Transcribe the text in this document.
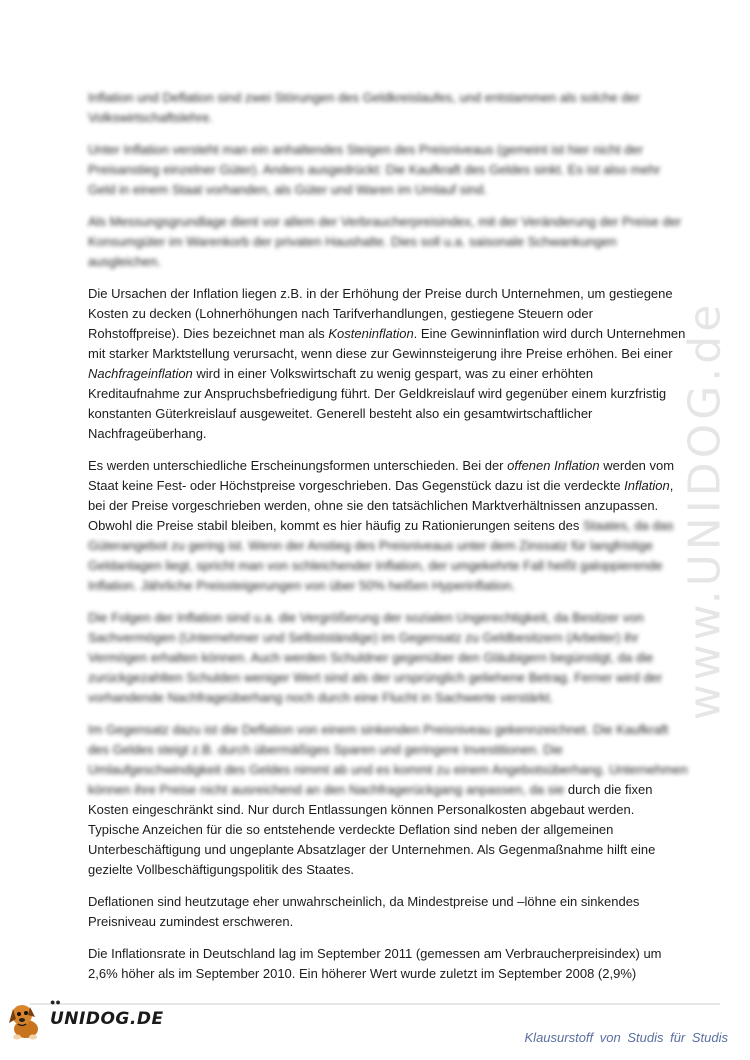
Inflation und Deflation sind zwei Störungen des Geldkreislaufes, und entstammen als solche der Volkswirtschaftslehre.

Unter Inflation versteht man ein anhaltendes Steigen des Preisniveaus (gemeint ist hier nicht der Preisanstieg einzelner Güter). Anders ausgedrückt: Die Kaufkraft des Geldes sinkt. Es ist also mehr Geld in einem Staat vorhanden, als Güter und Waren im Umlauf sind.

Als Messungsgrundlage dient vor allem der Verbraucherpreisindex, mit der Veränderung der Preise der Konsumgüter im Warenkorb der privaten Haushalte. Dies soll u.a. saisonale Schwankungen ausgleichen.

Die Ursachen der Inflation liegen z.B. in der Erhöhung der Preise durch Unternehmen, um gestiegene Kosten zu decken (Lohnerhöhungen nach Tarifverhandlungen, gestiegene Steuern oder Rohstoffpreise). Dies bezeichnet man als Kosteninflation. Eine Gewinninflation wird durch Unternehmen mit starker Marktstellung verursacht, wenn diese zur Gewinnsteigerung ihre Preise erhöhen. Bei einer Nachfrageinflation wird in einer Volkswirtschaft zu wenig gespart, was zu einer erhöhten Kreditaufnahme zur Anspruchsbefriedigung führt. Der Geldkreislauf wird gegenüber einem kurzfristig konstanten Güterkreislauf ausgeweitet. Generell besteht also ein gesamtwirtschaftlicher Nachfrageüberhang.

Es werden unterschiedliche Erscheinungsformen unterschieden. Bei der offenen Inflation werden vom Staat keine Fest- oder Höchstpreise vorgeschrieben. Das Gegenstück dazu ist die verdeckte Inflation, bei der Preise vorgeschrieben werden, ohne sie den tatsächlichen Marktverhältnissen anzupassen. Obwohl die Preise stabil bleiben, kommt es hier häufig zu Rationierungen seitens des Staates, da das Güterangebot zu gering ist. Wenn der Anstieg des Preisniveaus unter dem Zinssatz für langfristige Geldanlagen liegt, spricht man von schleichender Inflation, der umgekehrte Fall heißt galoppierende Inflation. Jährliche Preissteigerungen von über 50% heißen Hyperinflation.

Die Folgen der Inflation sind u.a. die Vergrößerung der sozialen Ungerechtigkeit, da Besitzer von Sachvermögen (Unternehmer und Selbstständige) im Gegensatz zu Geldbesitzern (Arbeiter) ihr Vermögen erhalten können. Auch werden Schuldner gegenüber den Gläubigern begünstigt, da die zurückgezahlten Schulden weniger Wert sind als der ursprünglich geliehene Betrag. Ferner wird der vorhandende Nachfrageüberhang noch durch eine Flucht in Sachwerte verstärkt.

Im Gegensatz dazu ist die Deflation von einem sinkenden Preisniveau gekennzeichnet. Die Kaufkraft des Geldes steigt z.B. durch übermäßiges Sparen und geringere Investitionen. Die Umlaufgeschwindigkeit des Geldes nimmt ab und es kommt zu einem Angebotsüberhang. Unternehmen können ihre Preise nicht ausreichend an den Nachfragerückgang anpassen, da sie durch die fixen Kosten eingeschränkt sind. Nur durch Entlassungen können Personalkosten abgebaut werden. Typische Anzeichen für die so entstehende verdeckte Deflation sind neben der allgemeinen Unterbeschäftigung und ungeplante Absatzlager der Unternehmen. Als Gegenmaßnahme hilft eine gezielte Vollbeschäftigungspolitik des Staates.

Deflationen sind heutzutage eher unwahrscheinlich, da Mindestpreise und –löhne ein sinkendes Preisniveau zumindest erschweren.

Die Inflationsrate in Deutschland lag im September 2011 (gemessen am Verbraucherpreisindex) um 2,6% höher als im September 2010. Ein höherer Wert wurde zuletzt im September 2008 (2,9%)

www.UNIDOG.de
UNIDOG.DE
●●
Klausurstoff von Studis für Studis
